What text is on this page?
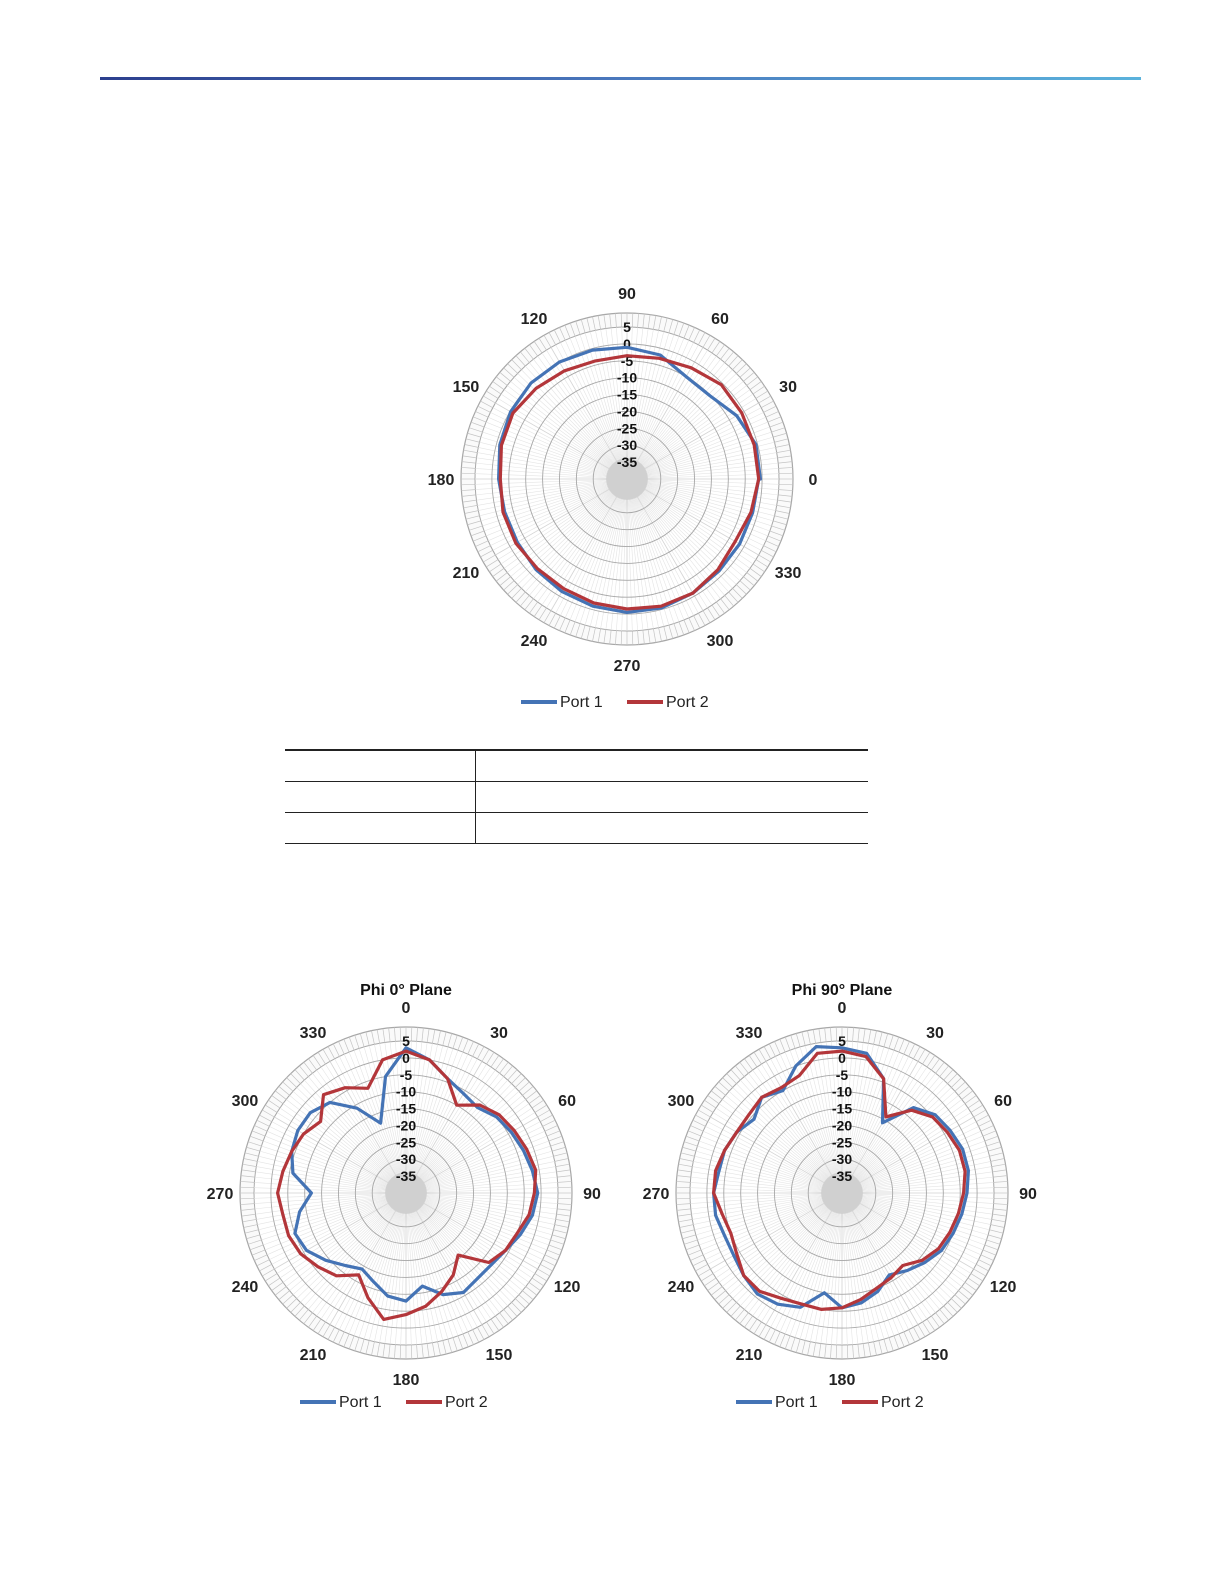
5
0
-5
-10
-15
-20
-25
-30
-35
0
30
60
90
120
150
180
210
240
270
300
330
Port 1	Port 2

5
0
-5
-10
-15
-20
-25
-30
-35
0
30
60
90
120
150
180
210
240
270
300
330
Phi 0° Plane
Port 1	Port 2
5
0
-5
-10
-15
-20
-25
-30
-35
0
30
60
90
120
150
180
210
240
270
300
330
Phi 90° Plane
Port 1	Port 2
